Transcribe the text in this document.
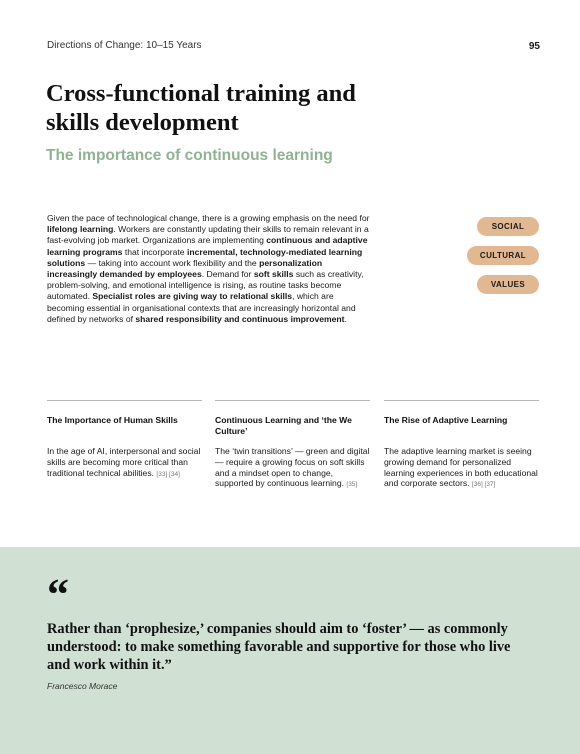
Directions of Change: 10–15 Years	95
Cross-functional training and skills development
The importance of continuous learning

Given the pace of technological change, there is a growing emphasis on the need for lifelong learning. Workers are constantly updating their skills to remain relevant in a fast-evolving job market. Organizations are implementing continuous and adaptive learning programs that incorporate incremental, technology-mediated learning solutions — taking into account work flexibility and the personalization increasingly demanded by employees. Demand for soft skills such as creativity, problem-solving, and emotional intelligence is rising, as routine tasks become automated. Specialist roles are giving way to relational skills, which are becoming essential in organisational contexts that are increasingly horizontal and defined by networks of shared responsibility and continuous improvement.

SOCIAL
CULTURAL
VALUES
The Importance of Human Skills

In the age of AI, interpersonal and social skills are becoming more critical than traditional technical abilities. [33] [34]

Continuous Learning and ‘the We Culture’

The ‘twin transitions’ — green and digital — require a growing focus on soft skills and a mindset open to change, supported by continuous learning. [35]

The Rise of Adaptive Learning

The adaptive learning market is seeing growing demand for personalized learning experiences in both educational and corporate sectors. [36] [37]

“

Rather than ‘prophesize,’ companies should aim to ‘foster’ — as commonly understood: to make something favorable and supportive for those who live and work within it.”

Francesco Morace
